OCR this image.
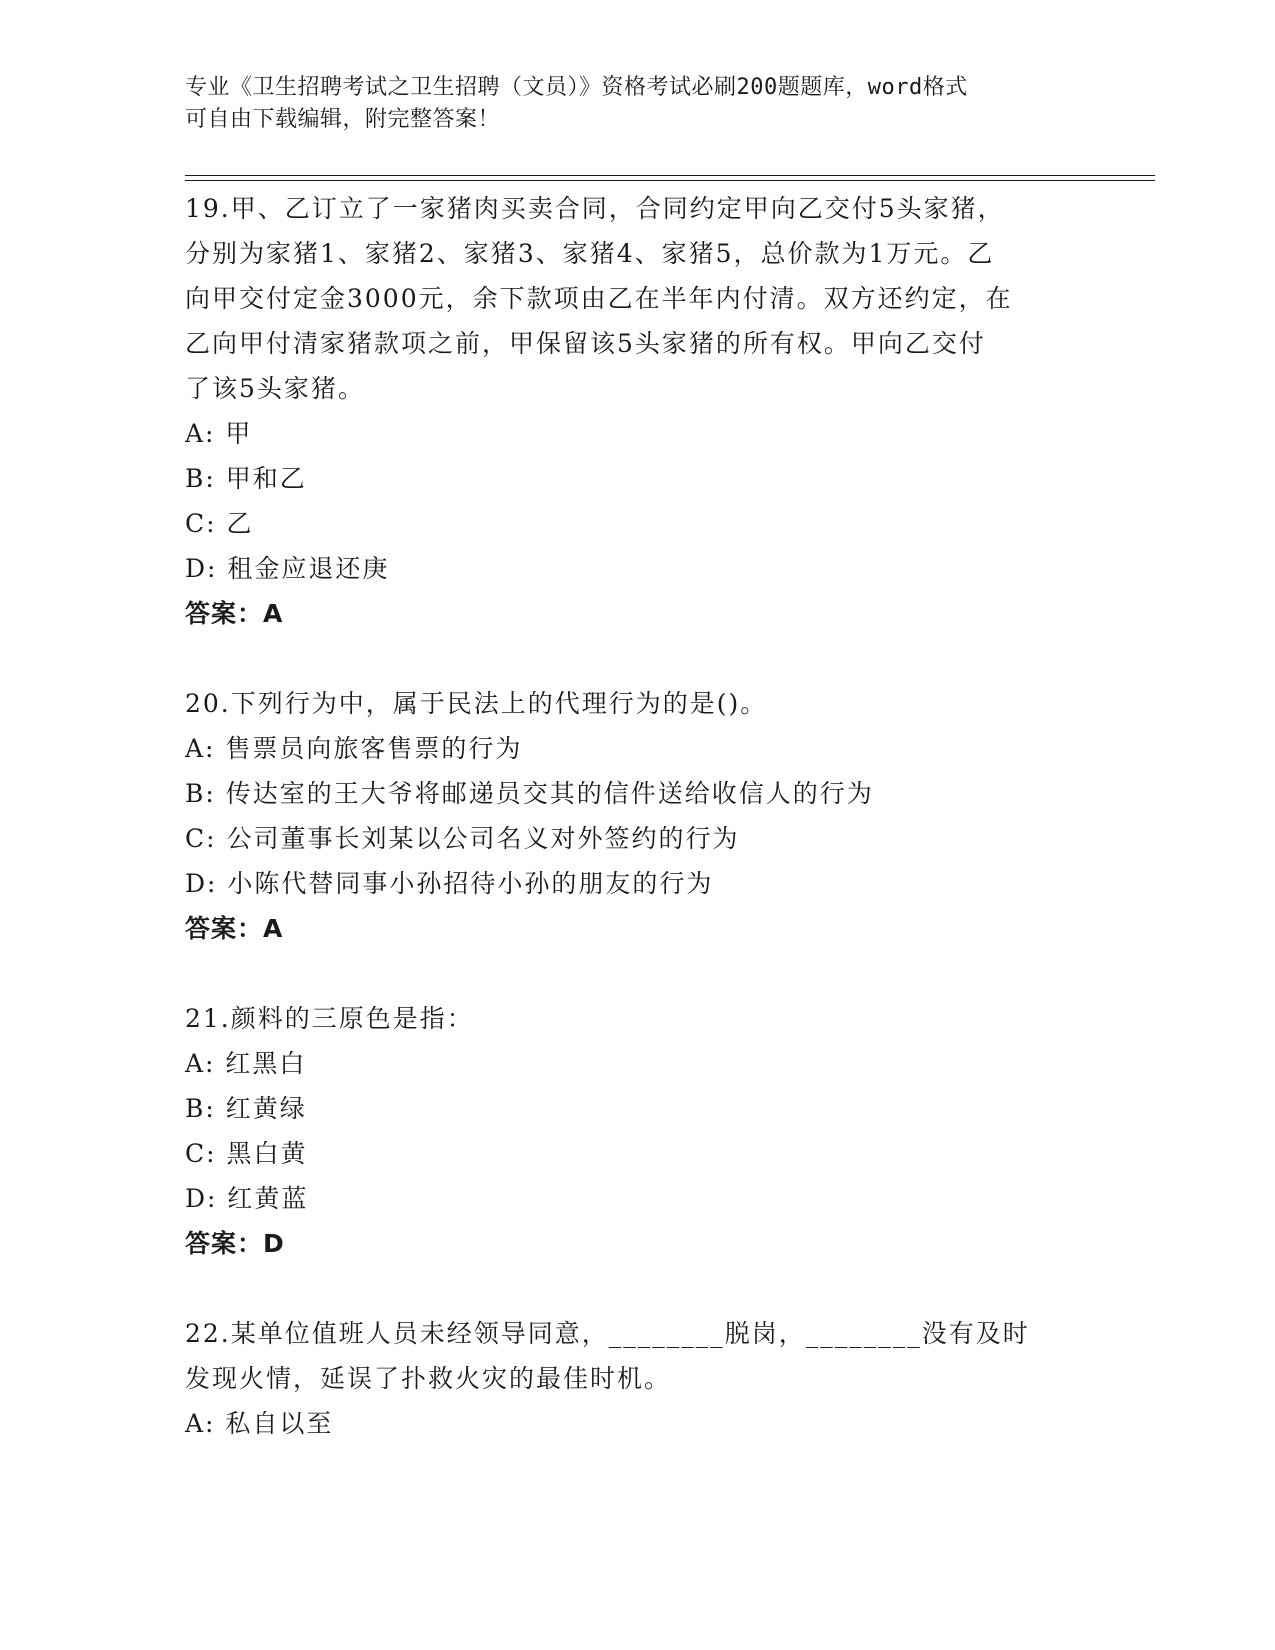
专业《卫生招聘考试之卫生招聘（文员）》资格考试必刷200题题库，word格式
可自由下载编辑，附完整答案！
19.甲、乙订立了一家猪肉买卖合同，合同约定甲向乙交付5头家猪，
分别为家猪1、家猪2、家猪3、家猪4、家猪5，总价款为1万元。乙
向甲交付定金3000元，余下款项由乙在半年内付清。双方还约定，在
乙向甲付清家猪款项之前，甲保留该5头家猪的所有权。甲向乙交付
了该5头家猪。
A: 甲
B: 甲和乙
C: 乙
D: 租金应退还庚
答案：A
20.下列行为中，属于民法上的代理行为的是()。
A: 售票员向旅客售票的行为
B: 传达室的王大爷将邮递员交其的信件送给收信人的行为
C: 公司董事长刘某以公司名义对外签约的行为
D: 小陈代替同事小孙招待小孙的朋友的行为
答案：A
21.颜料的三原色是指：
A: 红黑白
B: 红黄绿
C: 黑白黄
D: 红黄蓝
答案：D
22.某单位值班人员未经领导同意，________脱岗，________没有及时
发现火情，延误了扑救火灾的最佳时机。
A: 私自以至
